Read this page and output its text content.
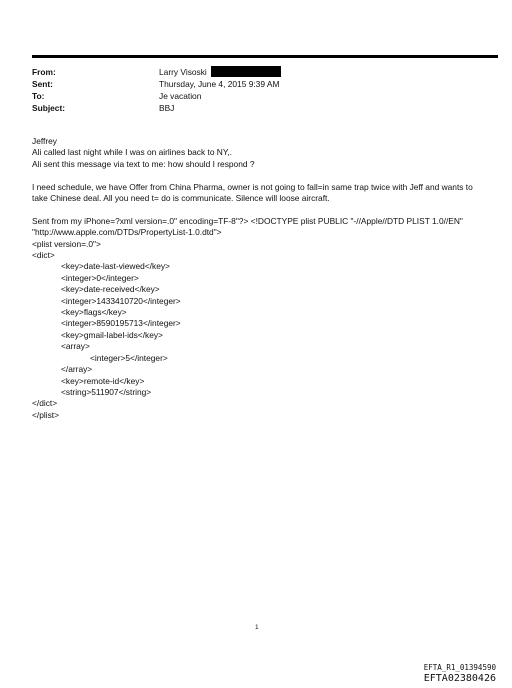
From:	Larry Visoski
Sent:	Thursday, June 4, 2015 9:39 AM
To:	Je vacation
Subject:	BBJ

Jeffrey

Ali called last night while I was on airlines back to NY,.

Ali sent this message via text to me: how should I respond ?

I need schedule, we have Offer from China Pharma, owner is not going to fall=in same trap twice with Jeff and wants to

take Chinese deal. All you need t= do is communicate. Silence will loose aircraft.

Sent from my iPhone=?xml version=.0" encoding=TF-8"?> <!DOCTYPE plist PUBLIC "-//Apple//DTD PLIST 1.0//EN"

"http://www.apple.com/DTDs/PropertyList-1.0.dtd">

<plist version=.0">

<dict>

<key>date-last-viewed</key>

<integer>0</integer>

<key>date-received</key>

<integer>1433410720</integer>

<key>flags</key>

<integer>8590195713</integer>

<key>gmail-label-ids</key>

<array>

<integer>5</integer>

</array>

<key>remote-id</key>

<string>511907</string>

</dict>

</plist>

1
EFTA_R1_01394590
EFTA02380426
